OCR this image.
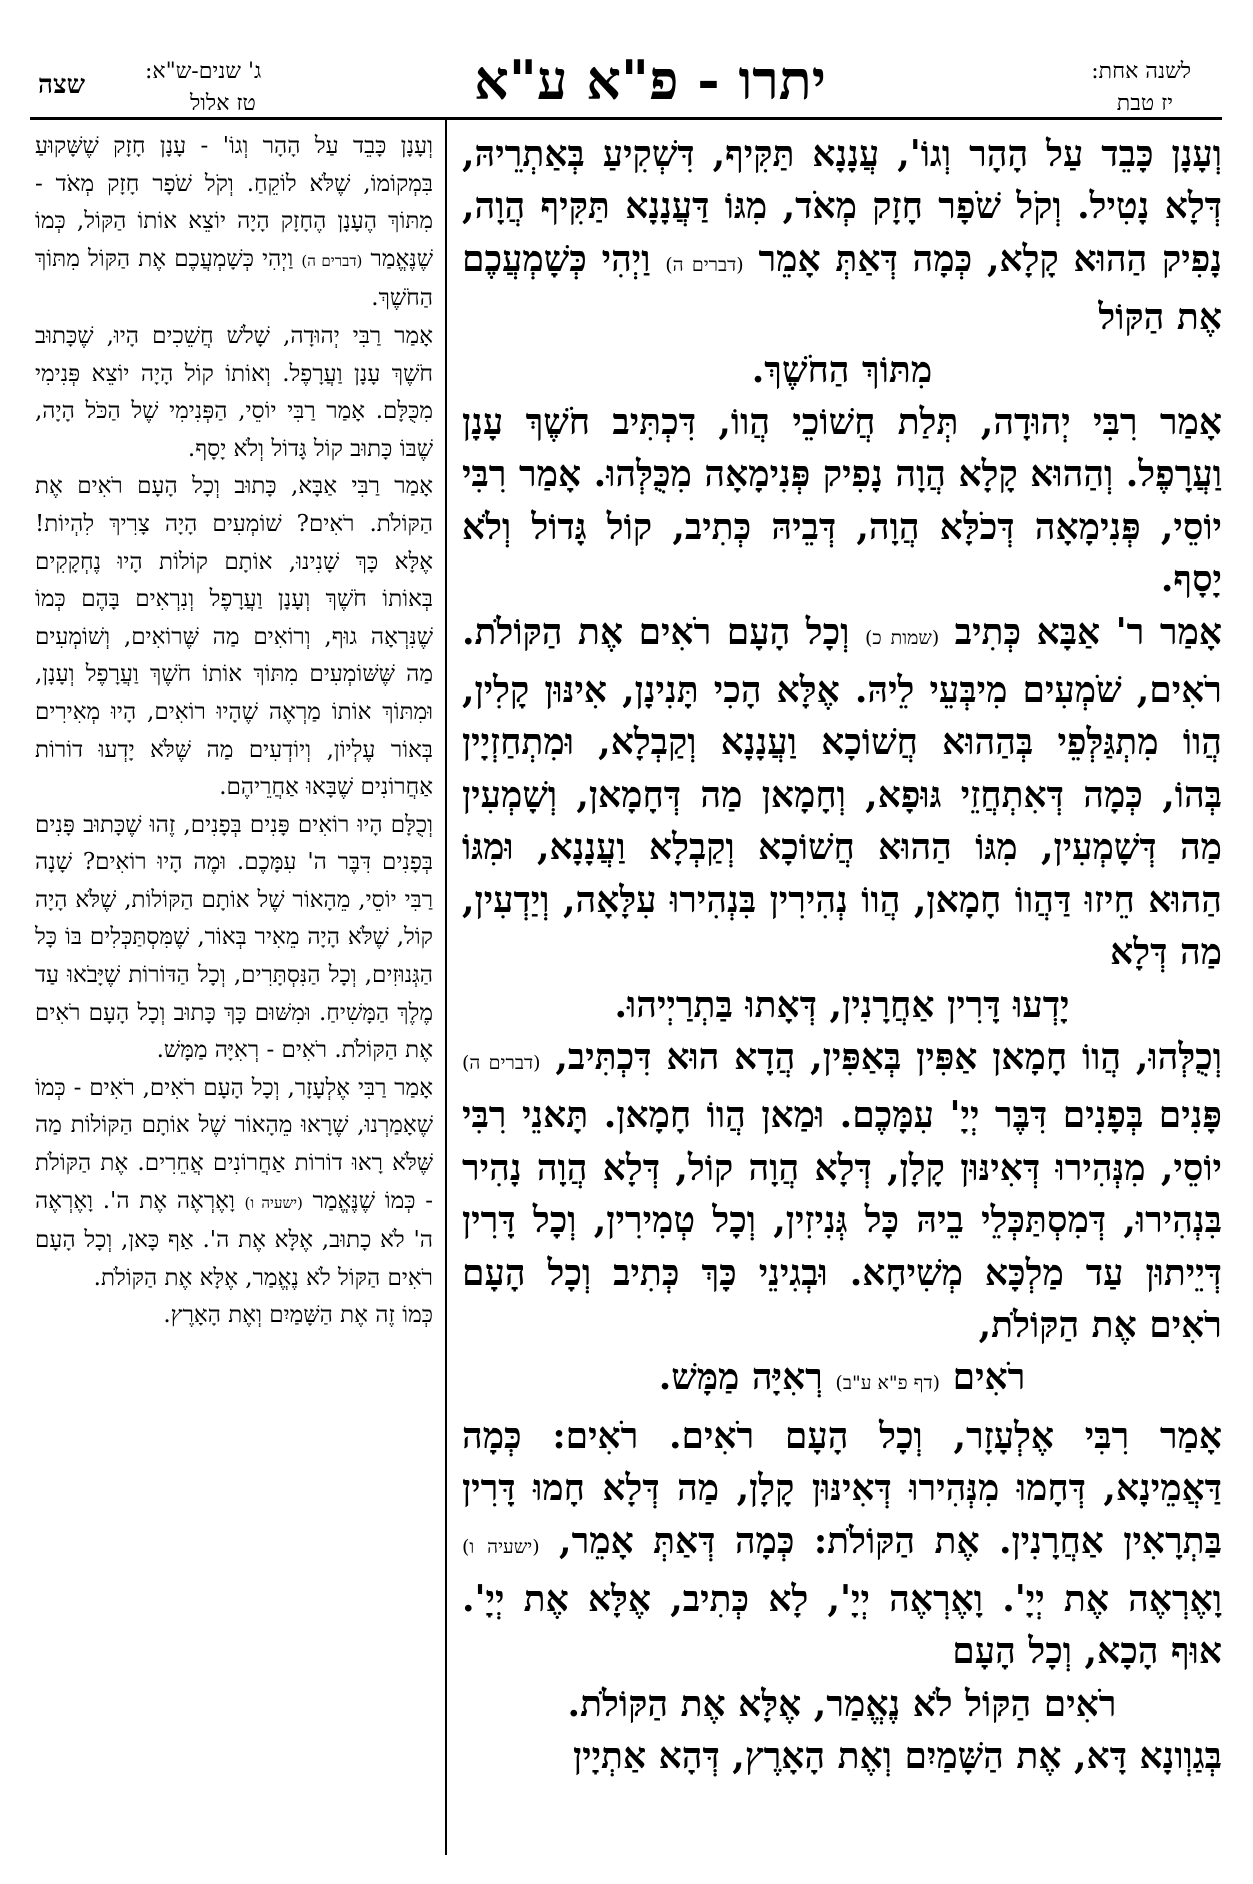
לשנה אחת:
יז טבת
יתרו - פ"א ע"א
ג' שנים-ש"א:
טז אלול
שצה

וְעָנָן כָּבֵד עַל הָהָר וְגוֹ', עֲנָנָא תַּקִּיף, דִּשְׁקִיעַ בְּאַתְרֵיהּ, דְּלָא נָטִיל. וְקֹל שֹׁפָר חָזָק מְאֹד, מִגּוֹ דַּעֲנָנָא תַּקִּיף הֲוָה, נָפִיק הַהוּא קָלָא, כְּמָה דְּאַתְּ אָמֵר (דברים ה) וַיְהִי כְּשָׁמְעֲכֶם אֶת הַקּוֹל

מִתּוֹךְ הַחֹשֶׁךְ.

אָמַר רִבִּי יְהוּדָה, תְּלַת חֲשׁוֹכֵי הֲווֹ, דִּכְתִּיב חֹשֶׁךְ עָנָן וַעֲרָפֶל. וְהַהוּא קָלָא הֲוָה נָפִיק פְּנִימָאָה מִכֻּלְּהוּ. אָמַר רִבִּי יוֹסֵי, פְּנִימָאָה דְּכֹלָּא הֲוָה, דְּבֵיהּ כְּתִיב, קוֹל גָּדוֹל וְלֹא יָסָף.

אָמַר ר' אַבָּא כְּתִיב (שמות כ) וְכָל הָעָם רֹאִים אֶת הַקּוֹלֹת. רֹאִים, שֹׁמְעִים מִיבְּעֵי לֵיהּ. אֶלָּא הָכִי תָּנִינָן, אִינּוּן קָלִין, הֲווֹ מִתְגַּלְּפֵי בְּהַהוּא חֲשׁוֹכָא וַעֲנָנָא וְקַבְלָא, וּמִתְחַזְיָין בְּהוֹ, כְּמָה דְּאִתְחֲזֵי גּוּפָא, וְחָמָאן מַה דְּחָמָאן, וְשָׁמְעִין מַה דְּשָׁמְעִין, מִגּוֹ הַהוּא חֲשׁוֹכָא וְקַבְלָא וַעֲנָנָא, וּמִגּוֹ הַהוּא חֵיזוּ דַּהֲווֹ חָמָאן, הֲווֹ נְהִירִין בִּנְהִירוּ עִלָּאָה, וְיַדְעִין, מַה דְּלָא

יָדְעוּ דָּרִין אַחֲרָנִין, דְּאָתוּ בַּתְרַיְיהוּ.

וְכֻלְּהוּ, הֲווֹ חָמָאן אַפִּין בְּאַפִּין, הֲדָא הוּא דִּכְתִּיב, (דברים ה) פָּנִים בְּפָנִים דִּבֶּר יְיָ' עִמָּכֶם. וּמַאן הֲווֹ חָמָאן. תָּאנֵי רִבִּי יוֹסֵי, מִנְּהִירוּ דְּאִינּוּן קָלָן, דְּלָא הֲוָה קוֹל, דְּלָא הֲוָה נָהִיר בִּנְהִירוּ, דְּמִסְתַּכְּלֵי בֵיהּ כָּל גְּנִיזִין, וְכָל טְמִירִין, וְכָל דָּרִין דְּיֵיתוּן עַד מַלְכָּא מְשִׁיחָא. וּבְגִינֵי כָּךְ כְּתִיב וְכָל הָעָם רֹאִים אֶת הַקּוֹלֹת,

רֹאִים (דף פ"א ע"ב) רְאִיָּה מַמָּשׁ.

אָמַר רִבִּי אֶלְעָזָר, וְכָל הָעָם רֹאִים. רֹאִים: כְּמָה דַּאֲמֵינָא, דְּחָמוּ מִנְּהִירוּ דְּאִינּוּן קָלָן, מַה דְּלָא חָמוּ דָּרִין בַּתְרָאִין אַחֲרָנִין. אֶת הַקּוֹלֹת: כְּמָה דְּאַתְּ אָמֵר, (ישעיה ו) וָאֶרְאֶה אֶת יְיָ'. וָאֶרְאֶה יְיָ', לָא כְּתִיב, אֶלָּא אֶת יְיָ'. אוּף הָכָא, וְכָל הָעָם

רֹאִים הַקּוֹל לֹא נֶאֱמַר, אֶלָּא אֶת הַקּוֹלֹת.

בְּגַוְונָא דָּא, אֶת הַשָּׁמַיִם וְאֶת הָאָרֶץ, דְּהָא אַתְיָין

וְעָנָן כָּבֵד עַל הָהָר וְגוֹ' - עָנָן חָזָק שֶׁשָּׁקוּעַ בִּמְקוֹמוֹ, שֶׁלֹּא לוֹקֵחַ. וְקֹל שֹׁפָר חָזָק מְאֹד - מִתּוֹךְ הֶעָנָן הֶחָזָק הָיָה יוֹצֵא אוֹתוֹ הַקּוֹל, כְּמוֹ שֶׁנֶּאֱמַר (דברים ה) וַיְהִי כְּשָׁמְעֲכֶם אֶת הַקּוֹל מִתּוֹךְ הַחֹשֶׁךְ.

אָמַר רַבִּי יְהוּדָה, שָׁלֹשׁ חֲשֵׁכִים הָיוּ, שֶׁכָּתוּב חֹשֶׁךְ עָנָן וַעֲרָפֶל. וְאוֹתוֹ קוֹל הָיָה יוֹצֵא פְּנִימִי מִכֻּלָּם. אָמַר רַבִּי יוֹסֵי, הַפְּנִימִי שֶׁל הַכֹּל הָיָה, שֶׁבּוֹ כָּתוּב קוֹל גָּדוֹל וְלֹא יָסָף.

אָמַר רַבִּי אַבָּא, כָּתוּב וְכָל הָעָם רֹאִים אֶת הַקּוֹלֹת. רֹאִים? שׁוֹמְעִים הָיָה צָרִיךְ לִהְיוֹת! אֶלָּא כָּךְ שָׁנִינוּ, אוֹתָם קוֹלוֹת הָיוּ נֶחְקָקִים בְּאוֹתוֹ חֹשֶׁךְ וְעָנָן וַעֲרָפֶל וְנִרְאִים בָּהֶם כְּמוֹ שֶׁנִּרְאָה גוּף, וְרוֹאִים מַה שֶּׁרוֹאִים, וְשׁוֹמְעִים מַה שֶּׁשּׁוֹמְעִים מִתּוֹךְ אוֹתוֹ חֹשֶׁךְ וַעֲרָפֶל וְעָנָן, וּמִתּוֹךְ אוֹתוֹ מַרְאֶה שֶׁהָיוּ רוֹאִים, הָיוּ מְאִירִים בְּאוֹר עֶלְיוֹן, וְיוֹדְעִים מַה שֶּׁלֹּא יָדְעוּ דוֹרוֹת אַחֲרוֹנִים שֶׁבָּאוּ אַחֲרֵיהֶם.

וְכֻלָּם הָיוּ רוֹאִים פָּנִים בְּפָנִים, זֶהוּ שֶׁכָּתוּב פָּנִים בְּפָנִים דִּבֶּר ה' עִמָּכֶם. וּמֶה הָיוּ רוֹאִים? שָׁנָה רַבִּי יוֹסֵי, מֵהָאוֹר שֶׁל אוֹתָם הַקּוֹלוֹת, שֶׁלֹּא הָיָה קוֹל, שֶׁלֹּא הָיָה מֵאִיר בְּאוֹר, שֶׁמִּסְתַּכְּלִים בּוֹ כָּל הַגְּנוּזִים, וְכָל הַנִּסְתָּרִים, וְכָל הַדּוֹרוֹת שֶׁיָּבֹאוּ עַד מֶלֶךְ הַמָּשִׁיחַ. וּמִשּׁוּם כָּךְ כָּתוּב וְכָל הָעָם רֹאִים אֶת הַקּוֹלֹת. רֹאִים - רְאִיָּה מַמָּשׁ.

אָמַר רַבִּי אֶלְעָזָר, וְכָל הָעָם רֹאִים, רֹאִים - כְּמוֹ שֶׁאָמַרְנוּ, שֶׁרָאוּ מֵהָאוֹר שֶׁל אוֹתָם הַקּוֹלוֹת מַה שֶּׁלֹּא רָאוּ דוֹרוֹת אַחֲרוֹנִים אֲחֵרִים. אֶת הַקּוֹלֹת - כְּמוֹ שֶׁנֶּאֱמַר (ישעיה ו) וָאֶרְאֶה אֶת ה'. וָאֶרְאֶה ה' לֹא כָתוּב, אֶלָּא אֶת ה'. אַף כָּאן, וְכָל הָעָם רֹאִים הַקּוֹל לֹא נֶאֱמַר, אֶלָּא אֶת הַקּוֹלֹת.

כְּמוֹ זֶה אֶת הַשָּׁמַיִם וְאֶת הָאָרֶץ.
